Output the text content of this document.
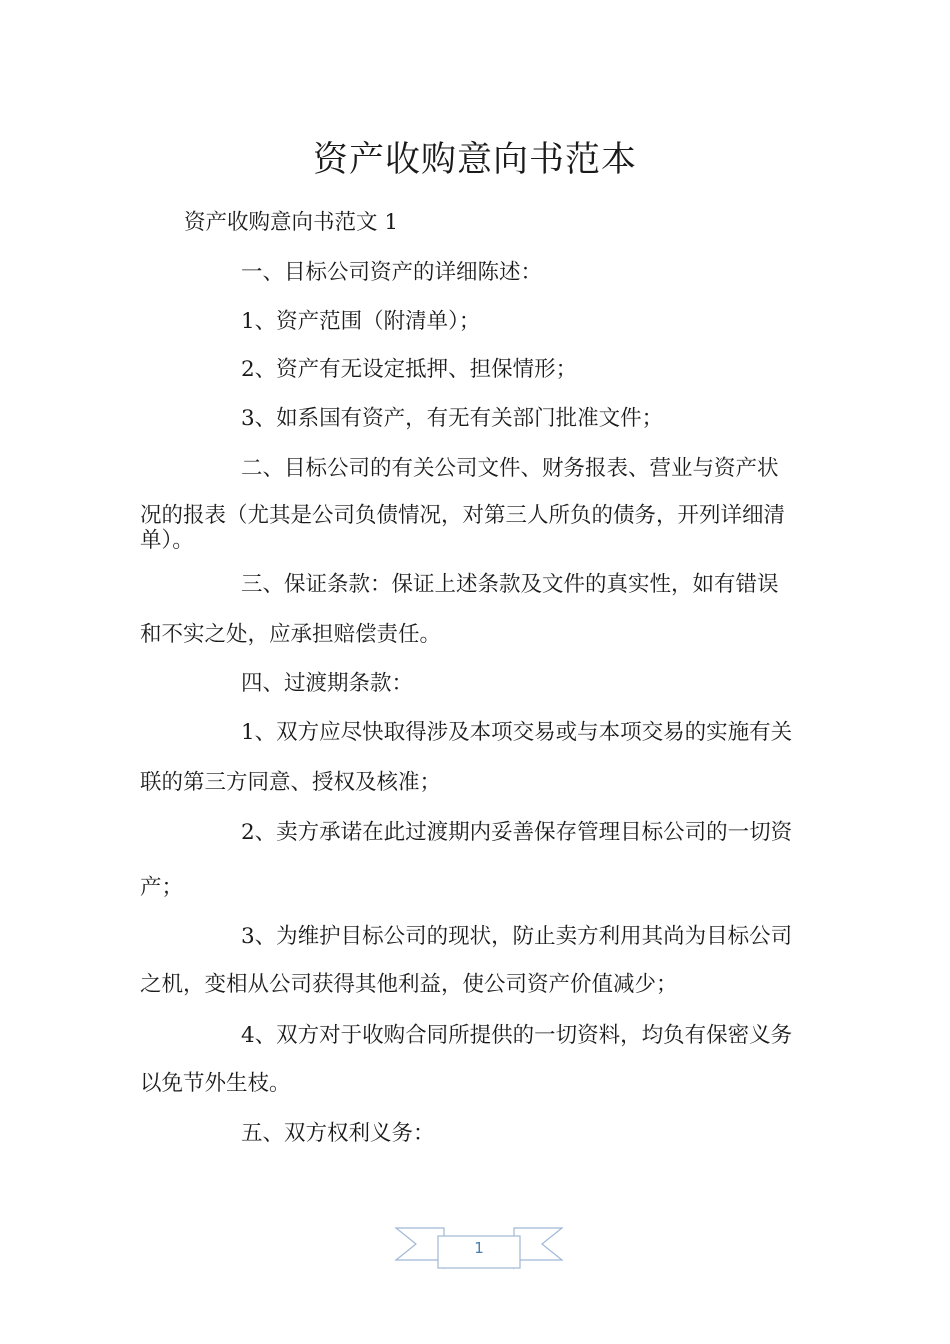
资产收购意向书范本

资产收购意向书范文 1

一、目标公司资产的详细陈述：

1、资产范围（附清单）；

2、资产有无设定抵押、担保情形；

3、如系国有资产，有无有关部门批准文件；

二、目标公司的有关公司文件、财务报表、营业与资产状

况的报表（尤其是公司负债情况，对第三人所负的债务，开列详细清

单）。

三、保证条款：保证上述条款及文件的真实性，如有错误

和不实之处，应承担赔偿责任。

四、过渡期条款：

1、双方应尽快取得涉及本项交易或与本项交易的实施有关

联的第三方同意、授权及核准；

2、卖方承诺在此过渡期内妥善保存管理目标公司的一切资

产；

3、为维护目标公司的现状，防止卖方利用其尚为目标公司

之机，变相从公司获得其他利益，使公司资产价值减少；

4、双方对于收购合同所提供的一切资料，均负有保密义务

以免节外生枝。

五、双方权利义务：

1
